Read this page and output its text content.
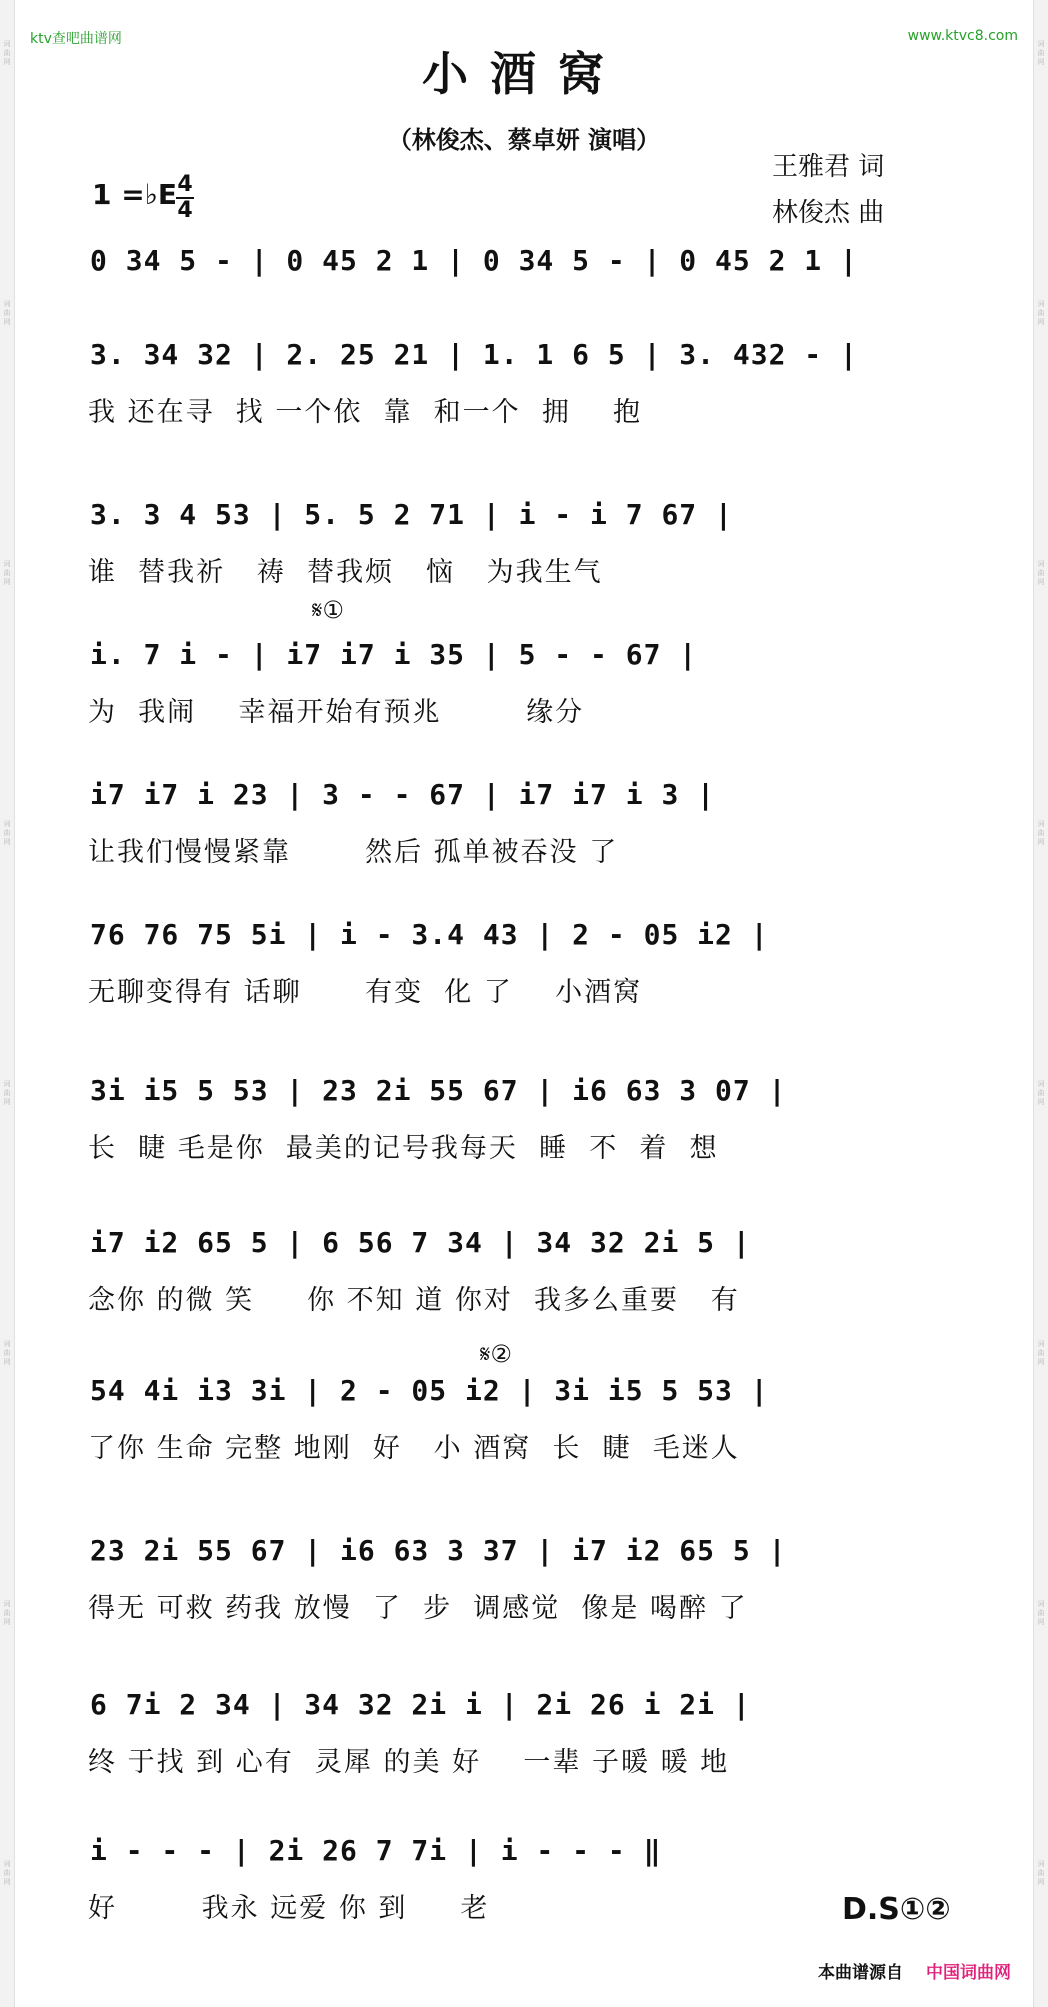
词曲网
词曲网
词曲网
词曲网
词曲网
词曲网
词曲网
词曲网
词曲网
词曲网
词曲网
词曲网
词曲网
词曲网
词曲网
词曲网
ktv查吧曲谱网	www.ktvc8.com
小酒窝
（林俊杰、蔡卓妍 演唱）
王雅君 词
林俊杰 曲
1 =♭E 4
4
0 34 5 - | 0 45 2 1 | 0 34 5 - | 0 45 2 1 |
3. 34 32 | 2. 25 21 | 1. 1 6 5 | 3. 432 - |
我 还在寻  找 一个依  靠  和一个  拥    抱
3. 3 4 53 | 5. 5 2 71 | i - i 7 67 |
谁  替我祈   祷  替我烦   恼   为我生气
𝄋①
i. 7 i - | i7 i7 i 35 | 5 - - 67 |
为  我闹    幸福开始有预兆        缘分
i7 i7 i 23 | 3 - - 67 | i7 i7 i 3 |
让我们慢慢紧靠       然后 孤单被吞没 了
76 76 75 5i | i - 3.4 43 | 2 - 05 i2 |
无聊变得有 话聊      有变  化 了    小酒窝
3i i5 5 53 | 23 2i 55 67 | i6 63 3 07 |
长  睫 毛是你  最美的记号我每天  睡  不  着  想
i7 i2 65 5 | 6 56 7 34 | 34 32 2i 5 |
念你 的微 笑     你 不知 道 你对  我多么重要   有
𝄋②
54 4i i3 3i | 2 - 05 i2 | 3i i5 5 53 |
了你 生命 完整 地刚  好   小 酒窝  长  睫  毛迷人
23 2i 55 67 | i6 63 3 37 | i7 i2 65 5 |
得无 可救 药我 放慢  了  步  调感觉  像是 喝醉 了
6 7i 2 34 | 34 32 2i i | 2i 26 i 2i |
终 于找 到 心有  灵犀 的美 好    一辈 子暖 暖 地
i - - - | 2i 26 7 7i | i - - - ‖
好        我永 远爱 你 到     老	D.S①②
本曲谱源自 中国词曲网
